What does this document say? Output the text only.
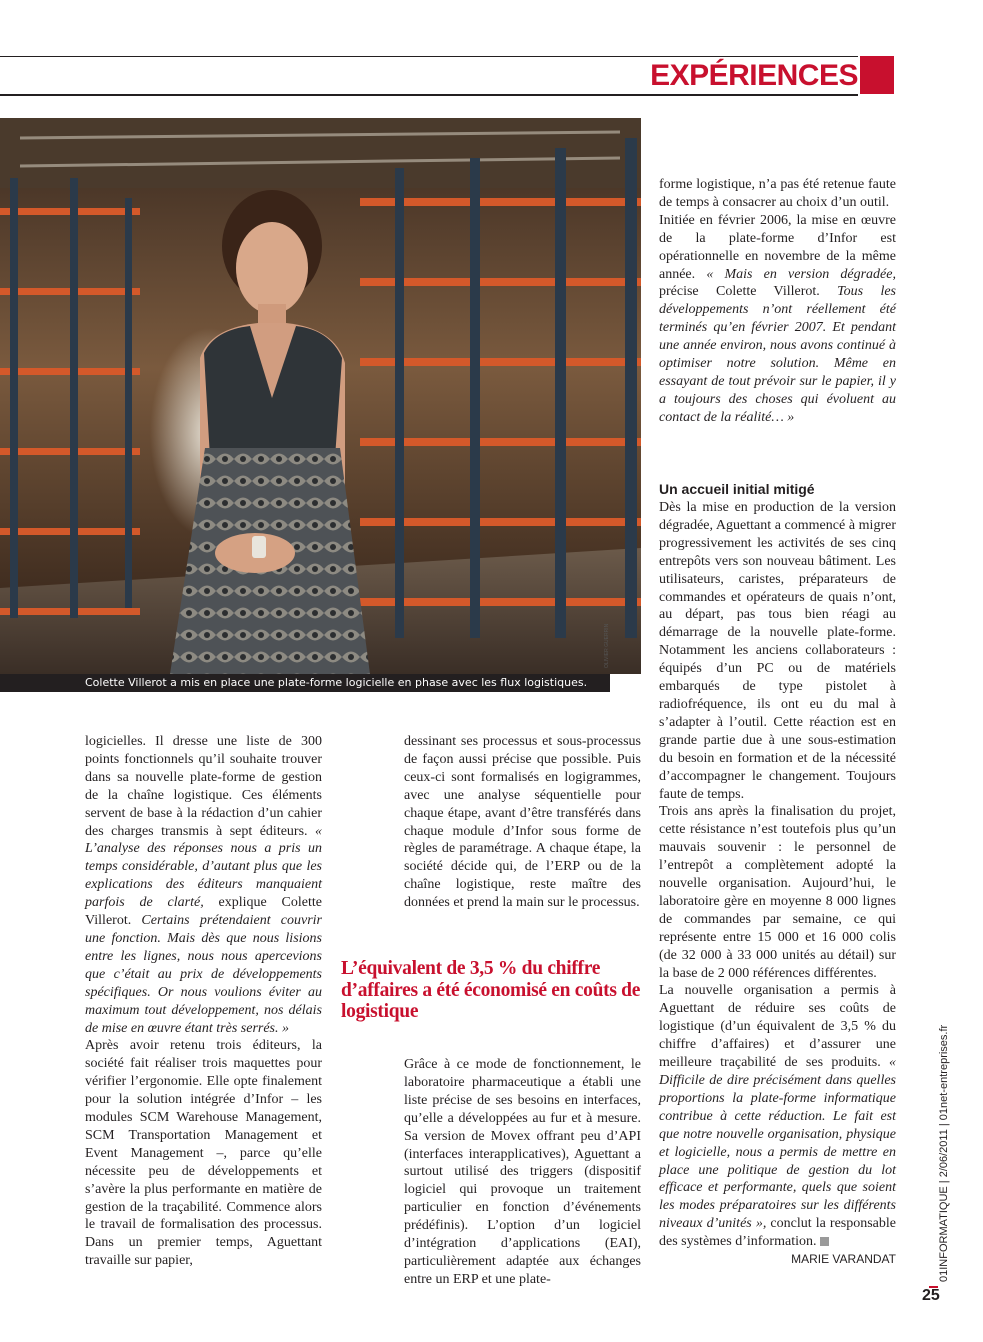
EXPÉRIENCES
Colette Villerot a mis en place une plate-forme logicielle en phase avec les flux logistiques.
OLIVIER GUERRIN

logicielles. Il dresse une liste de 300 points fonctionnels qu’il souhaite trouver dans sa nouvelle plate-forme de gestion de la chaîne logistique. Ces éléments servent de base à la rédaction d’un cahier des charges transmis à sept éditeurs. « L’analyse des réponses nous a pris un temps considérable, d’autant plus que les explications des éditeurs manquaient parfois de clarté, explique Colette Villerot. Certains prétendaient couvrir une fonction. Mais dès que nous lisions entre les lignes, nous nous apercevions que c’était au prix de développements spécifiques. Or nous voulions éviter au maximum tout développement, nos délais de mise en œuvre étant très serrés. »

Après avoir retenu trois éditeurs, la société fait réaliser trois maquettes pour vérifier l’ergonomie. Elle opte finalement pour la solution intégrée d’Infor – les modules SCM Warehouse Management, SCM Transportation Management et Event Management –, parce qu’elle nécessite peu de développements et s’avère la plus performante en matière de gestion de la traçabilité. Commence alors le travail de formalisation des processus. Dans un premier temps, Aguettant travaille sur papier,

dessinant ses processus et sous-processus de façon aussi précise que possible. Puis ceux-ci sont formalisés en logigrammes, avec une analyse séquentielle pour chaque étape, avant d’être transférés dans chaque module d’Infor sous forme de règles de paramétrage. A chaque étape, la société décide qui, de l’ERP ou de la chaîne logistique, reste maître des données et prend la main sur le processus.

L’équivalent de 3,5 % du chiffre d’affaires a été économisé en coûts de logistique

Grâce à ce mode de fonctionnement, le laboratoire pharmaceutique a établi une liste précise de ses besoins en interfaces, qu’elle a développées au fur et à mesure. Sa version de Movex offrant peu d’API (interfaces interapplicatives), Aguettant a surtout utilisé des triggers (dispositif logiciel qui provoque un traitement particulier en fonction d’événements prédéfinis). L’option d’un logiciel d’intégration d’applications (EAI), particulièrement adaptée aux échanges entre un ERP et une plate-

forme logistique, n’a pas été retenue faute de temps à consacrer au choix d’un outil.

Initiée en février 2006, la mise en œuvre de la plate-forme d’Infor est opérationnelle en novembre de la même année. « Mais en version dégradée, précise Colette Villerot. Tous les développements n’ont réellement été terminés qu’en février 2007. Et pendant une année environ, nous avons continué à optimiser notre solution. Même en essayant de tout prévoir sur le papier, il y a toujours des choses qui évoluent au contact de la réalité… »

Un accueil initial mitigé

Dès la mise en production de la version dégradée, Aguettant a commencé à migrer progressivement les activités de ses cinq entrepôts vers son nouveau bâtiment. Les utilisateurs, caristes, préparateurs de commandes et opérateurs de quais n’ont, au départ, pas tous bien réagi au démarrage de la nouvelle plate-forme. Notamment les anciens collaborateurs : équipés d’un PC ou de matériels embarqués de type pistolet à radiofréquence, ils ont eu du mal à s’adapter à l’outil. Cette réaction est en grande partie due à une sous-estimation du besoin en formation et de la nécessité d’accompagner le changement. Toujours faute de temps.

Trois ans après la finalisation du projet, cette résistance n’est toutefois plus qu’un mauvais souvenir : le personnel de l’entrepôt a complètement adopté la nouvelle organisation. Aujourd’hui, le laboratoire gère en moyenne 8 000 lignes de commandes par semaine, ce qui représente entre 15 000 et 16 000 colis (de 32 000 à 33 000 unités au détail) sur la base de 2 000 références différentes.

La nouvelle organisation a permis à Aguettant de réduire ses coûts de logistique (d’un équivalent de 3,5 % du chiffre d’affaires) et d’assurer une meilleure traçabilité de ses produits. « Difficile de dire précisément dans quelles proportions la plate-forme informatique contribue à cette réduction. Le fait est que notre nouvelle organisation, physique et logicielle, nous a permis de mettre en place une politique de gestion du lot efficace et performante, quels que soient les modes préparatoires sur les différents niveaux d’unités », conclut la responsable des systèmes d’information.
MARIE VARANDAT	01INFORMATIQUE | 2/06/2011 | 01net-entreprises.fr
25
